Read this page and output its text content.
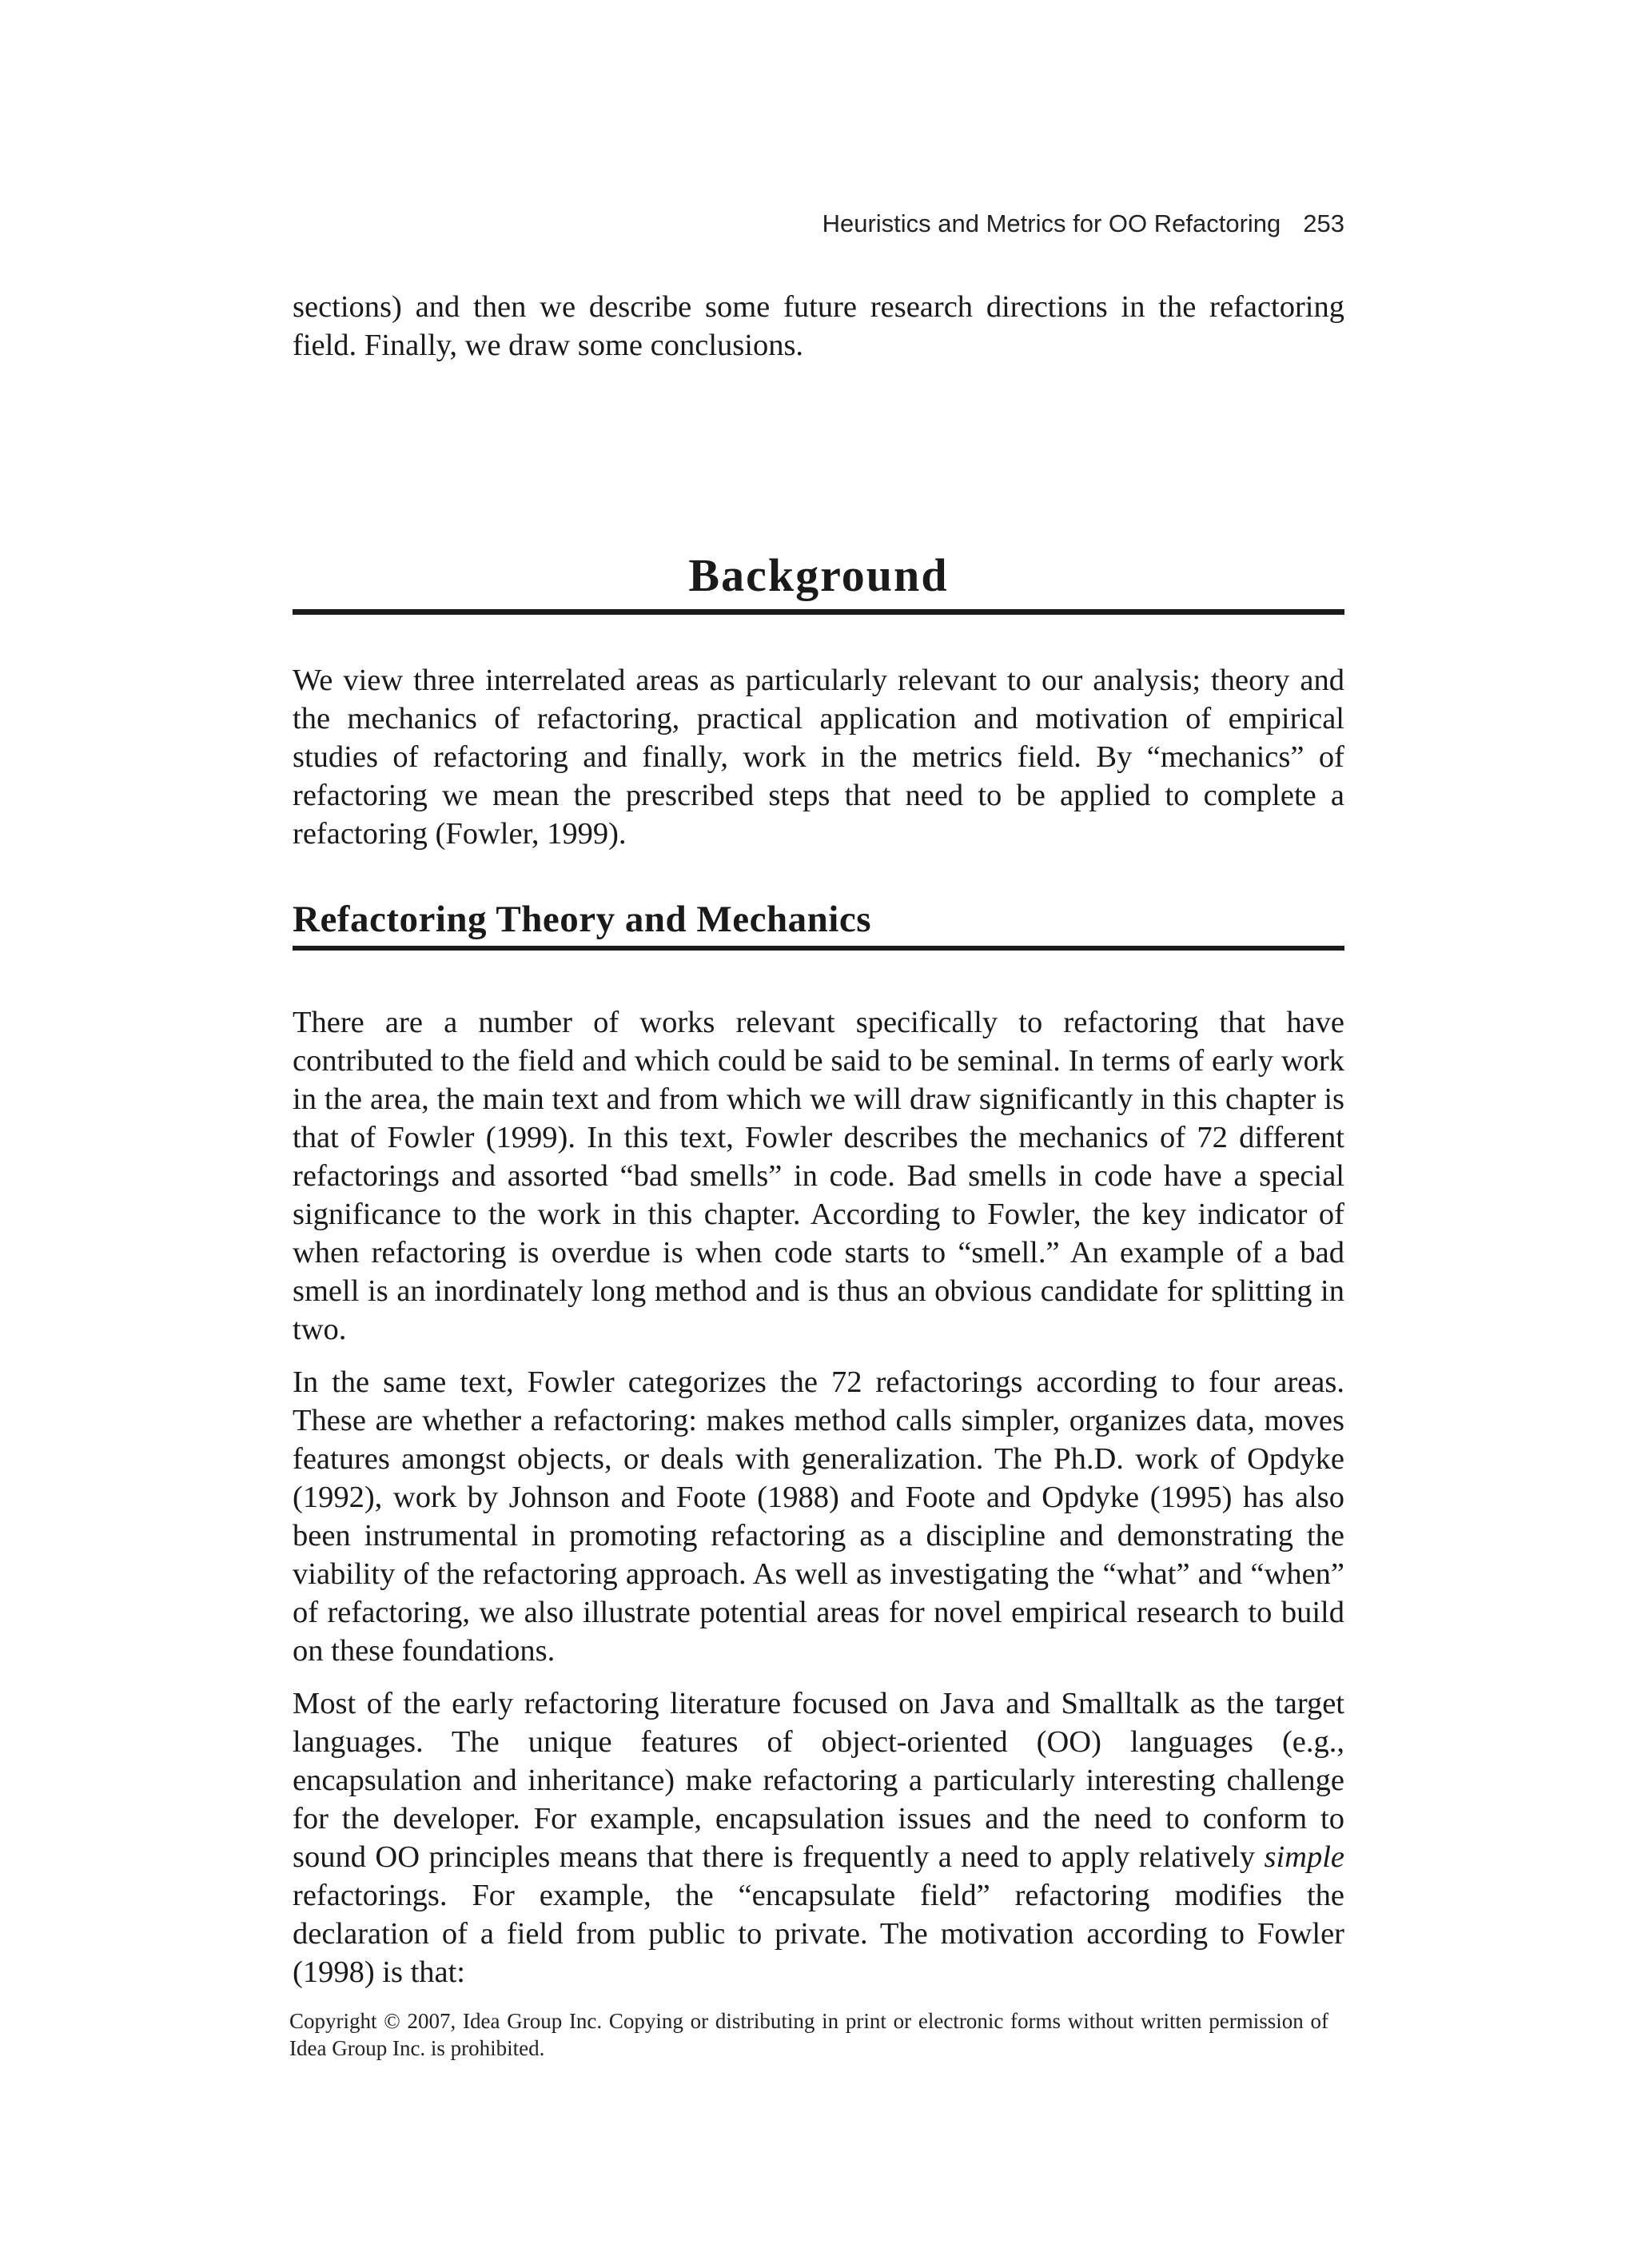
Heuristics and Metrics for OO Refactoring 253

sections) and then we describe some future research directions in the refactoring field. Finally, we draw some conclusions.

Background

We view three interrelated areas as particularly relevant to our analysis; theory and the mechanics of refactoring, practical application and motivation of empirical studies of refactoring and finally, work in the metrics field. By “mechanics” of refactoring we mean the prescribed steps that need to be applied to complete a refactoring (Fowler, 1999).

Refactoring Theory and Mechanics

There are a number of works relevant specifically to refactoring that have contributed to the field and which could be said to be seminal. In terms of early work in the area, the main text and from which we will draw significantly in this chapter is that of Fowler (1999). In this text, Fowler describes the mechanics of 72 different refactorings and assorted “bad smells” in code. Bad smells in code have a special significance to the work in this chapter. According to Fowler, the key indicator of when refactoring is overdue is when code starts to “smell.” An example of a bad smell is an inordinately long method and is thus an obvious candidate for splitting in two.

In the same text, Fowler categorizes the 72 refactorings according to four areas. These are whether a refactoring: makes method calls simpler, organizes data, moves features amongst objects, or deals with generalization. The Ph.D. work of Opdyke (1992), work by Johnson and Foote (1988) and Foote and Opdyke (1995) has also been instrumental in promoting refactoring as a discipline and demonstrating the viability of the refactoring approach. As well as investigating the “what” and “when” of refactoring, we also illustrate potential areas for novel empirical research to build on these foundations.

Most of the early refactoring literature focused on Java and Smalltalk as the target languages. The unique features of object-oriented (OO) languages (e.g., encapsulation and inheritance) make refactoring a particularly interesting challenge for the developer. For example, encapsulation issues and the need to conform to sound OO principles means that there is frequently a need to apply relatively simple refactorings. For example, the “encapsulate field” refactoring modifies the declaration of a field from public to private. The motivation according to Fowler (1998) is that:

Copyright © 2007, Idea Group Inc. Copying or distributing in print or electronic forms without written permission of Idea Group Inc. is prohibited.
